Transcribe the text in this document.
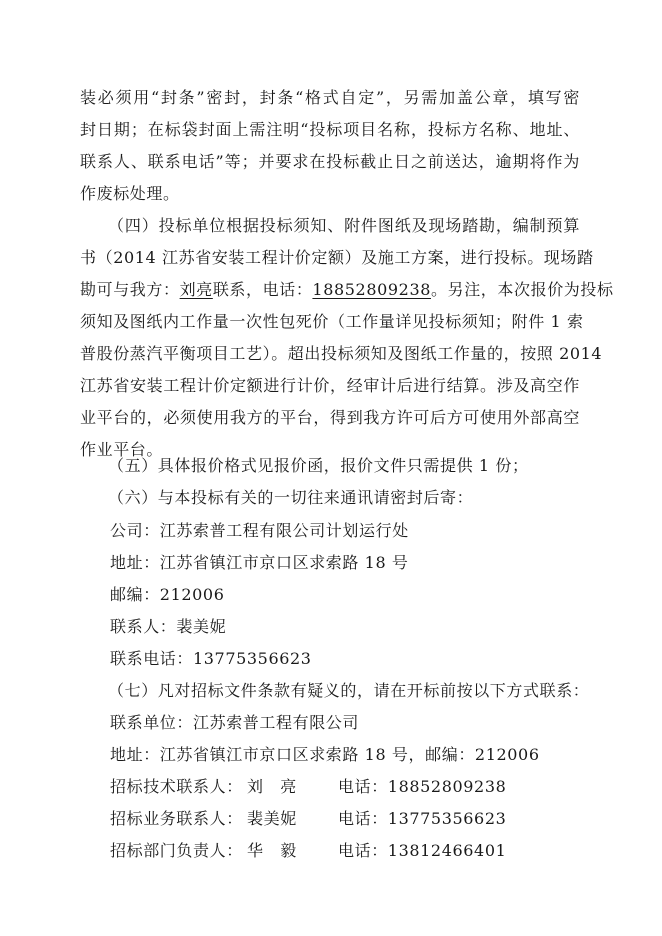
装必须用“封条”密封，封条“格式自定”，另需加盖公章，填写密
封日期；在标袋封面上需注明“投标项目名称，投标方名称、地址、
联系人、联系电话”等；并要求在投标截止日之前送达，逾期将作为
作废标处理。
（四）投标单位根据投标须知、附件图纸及现场踏勘，编制预算
书（2014 江苏省安装工程计价定额）及施工方案，进行投标。现场踏
勘可与我方：刘亮联系，电话：18852809238。另注，本次报价为投标
须知及图纸内工作量一次性包死价（工作量详见投标须知；附件 1 索
普股份蒸汽平衡项目工艺）。超出投标须知及图纸工作量的，按照 2014
江苏省安装工程计价定额进行计价，经审计后进行结算。涉及高空作
业平台的，必须使用我方的平台，得到我方许可后方可使用外部高空
作业平台。
（五）具体报价格式见报价函，报价文件只需提供 1 份；
（六）与本投标有关的一切往来通讯请密封后寄：
公司：江苏索普工程有限公司计划运行处
地址：江苏省镇江市京口区求索路 18 号
邮编：212006
联系人：裴美妮
联系电话：13775356623
（七）凡对招标文件条款有疑义的，请在开标前按以下方式联系：
联系单位：江苏索普工程有限公司
地址：江苏省镇江市京口区求索路 18 号，邮编：212006
招标技术联系人： 刘　亮	电话：18852809238
招标业务联系人： 裴美妮	电话：13775356623
招标部门负责人： 华　毅	电话：13812466401
